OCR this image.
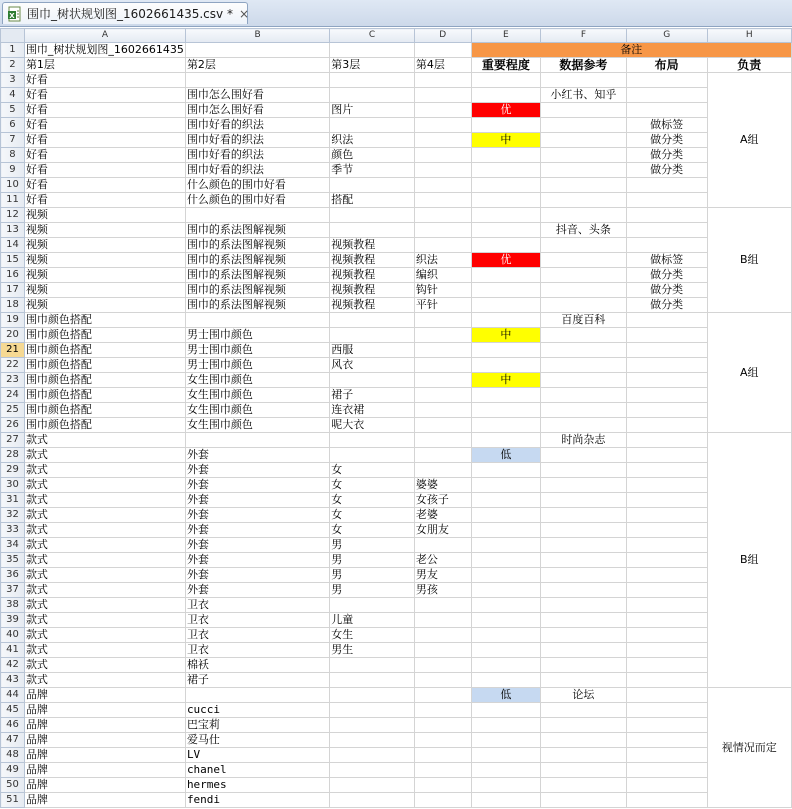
X 围巾_树状规划图_1602661435.csv * ×
	A	B	C	D	E	F	G	H
1	围巾_树状规划图_1602661435				备注			
2	第1层	第2层	第3层	第4层	重要程度	数据参考	布局	负责
3	好看							A组
4	好看	围巾怎么围好看				小红书、知乎		
5	好看	围巾怎么围好看	图片		优			
6	好看	围巾好看的织法					做标签	
7	好看	围巾好看的织法	织法		中		做分类	
8	好看	围巾好看的织法	颜色				做分类	
9	好看	围巾好看的织法	季节				做分类	
10	好看	什么颜色的围巾好看						
11	好看	什么颜色的围巾好看	搭配					
12	视频							B组
13	视频	围巾的系法图解视频				抖音、头条		
14	视频	围巾的系法图解视频	视频教程					
15	视频	围巾的系法图解视频	视频教程	织法	优		做标签	
16	视频	围巾的系法图解视频	视频教程	编织			做分类	
17	视频	围巾的系法图解视频	视频教程	钩针			做分类	
18	视频	围巾的系法图解视频	视频教程	平针			做分类	
19	围巾颜色搭配					百度百科		A组
20	围巾颜色搭配	男士围巾颜色			中			
21	围巾颜色搭配	男士围巾颜色	西服					
22	围巾颜色搭配	男士围巾颜色	风衣					
23	围巾颜色搭配	女生围巾颜色			中			
24	围巾颜色搭配	女生围巾颜色	裙子					
25	围巾颜色搭配	女生围巾颜色	连衣裙					
26	围巾颜色搭配	女生围巾颜色	呢大衣					
27	款式					时尚杂志		B组
28	款式	外套			低			
29	款式	外套	女					
30	款式	外套	女	婆婆				
31	款式	外套	女	女孩子				
32	款式	外套	女	老婆				
33	款式	外套	女	女朋友				
34	款式	外套	男					
35	款式	外套	男	老公				
36	款式	外套	男	男友				
37	款式	外套	男	男孩				
38	款式	卫衣						
39	款式	卫衣	儿童					
40	款式	卫衣	女生					
41	款式	卫衣	男生					
42	款式	棉袄						
43	款式	裙子						
44	品牌				低	论坛		视情况而定
45	品牌	cucci						
46	品牌	巴宝莉						
47	品牌	爱马仕						
48	品牌	LV						
49	品牌	chanel						
50	品牌	hermes						
51	品牌	fendi						
